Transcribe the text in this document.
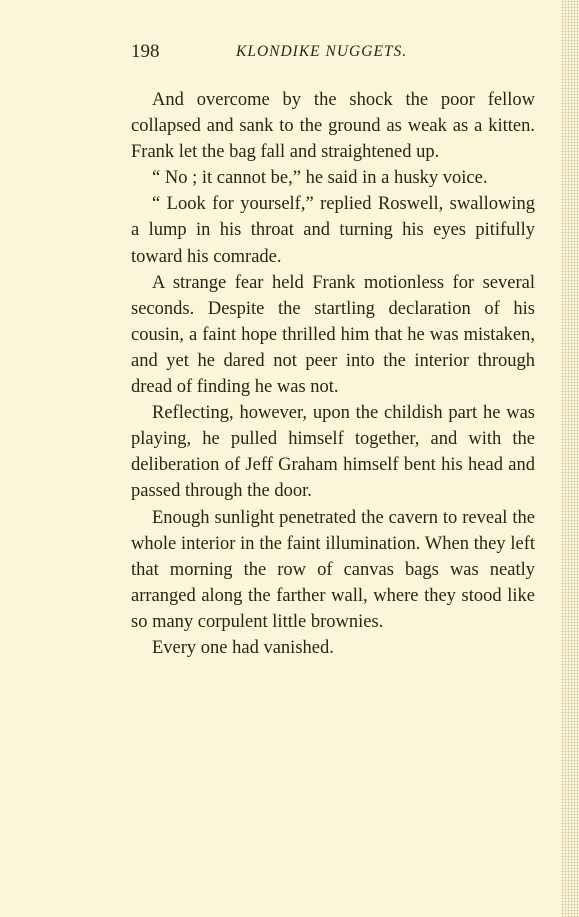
198	KLONDIKE NUGGETS.

And overcome by the shock the poor fellow collapsed and sank to the ground as weak as a kitten. Frank let the bag fall and straightened up.

“ No ; it cannot be,” he said in a husky voice.

“ Look for yourself,” replied Roswell, swallowing a lump in his throat and turning his eyes pitifully toward his comrade.

A strange fear held Frank motionless for several seconds. Despite the startling declaration of his cousin, a faint hope thrilled him that he was mistaken, and yet he dared not peer into the interior through dread of finding he was not.

Reflecting, however, upon the childish part he was playing, he pulled himself together, and with the deliberation of Jeff Graham himself bent his head and passed through the door.

Enough sunlight penetrated the cavern to reveal the whole interior in the faint illumination. When they left that morning the row of canvas bags was neatly arranged along the farther wall, where they stood like so many corpulent little brownies.

Every one had vanished.
